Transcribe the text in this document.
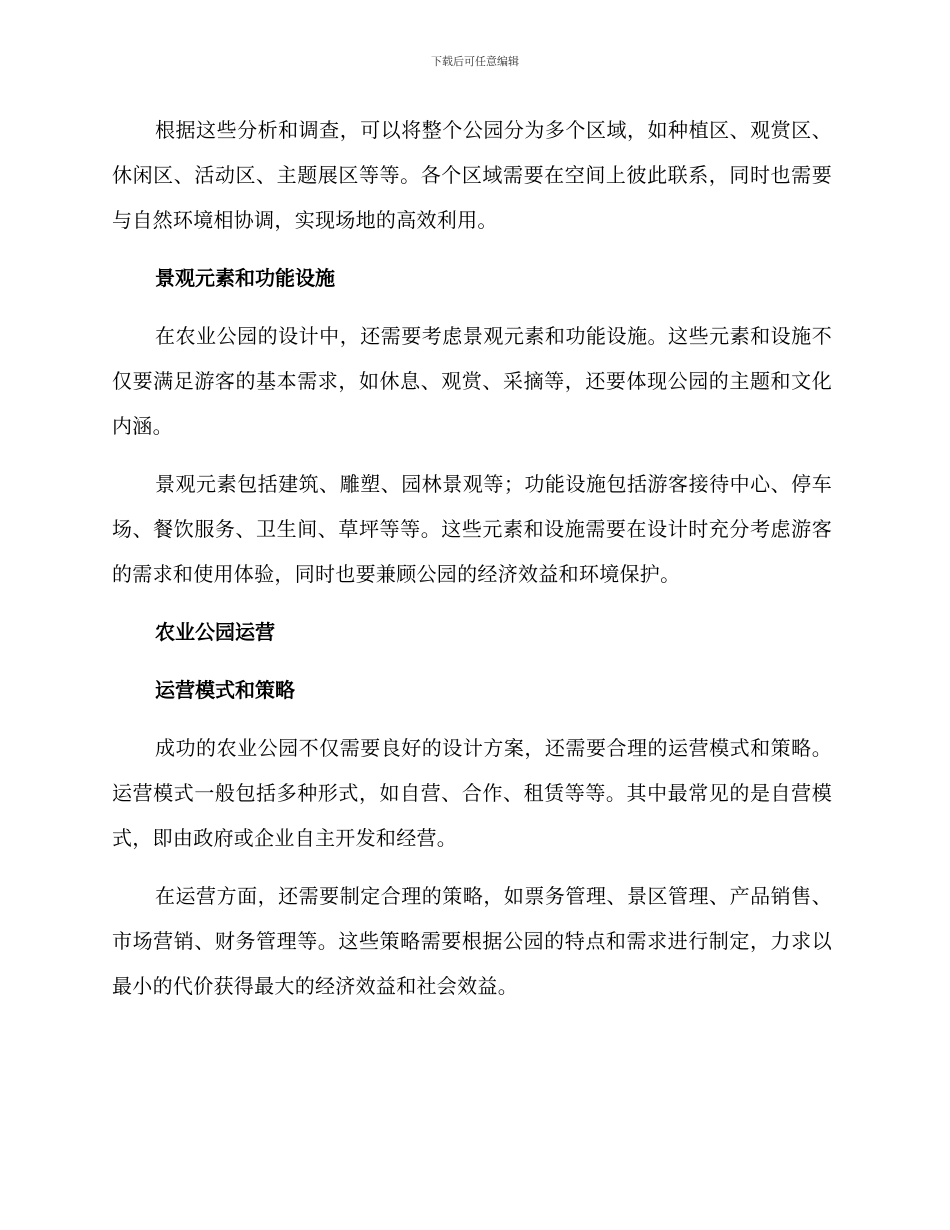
下载后可任意编辑

根据这些分析和调查，可以将整个公园分为多个区域，如种植区、观赏区、休闲区、活动区、主题展区等等。各个区域需要在空间上彼此联系，同时也需要与自然环境相协调，实现场地的高效利用。

景观元素和功能设施

在农业公园的设计中，还需要考虑景观元素和功能设施。这些元素和设施不仅要满足游客的基本需求，如休息、观赏、采摘等，还要体现公园的主题和文化内涵。

景观元素包括建筑、雕塑、园林景观等；功能设施包括游客接待中心、停车场、餐饮服务、卫生间、草坪等等。这些元素和设施需要在设计时充分考虑游客的需求和使用体验，同时也要兼顾公园的经济效益和环境保护。

农业公园运营
运营模式和策略

成功的农业公园不仅需要良好的设计方案，还需要合理的运营模式和策略。运营模式一般包括多种形式，如自营、合作、租赁等等。其中最常见的是自营模式，即由政府或企业自主开发和经营。

在运营方面，还需要制定合理的策略，如票务管理、景区管理、产品销售、市场营销、财务管理等。这些策略需要根据公园的特点和需求进行制定，力求以最小的代价获得最大的经济效益和社会效益。
